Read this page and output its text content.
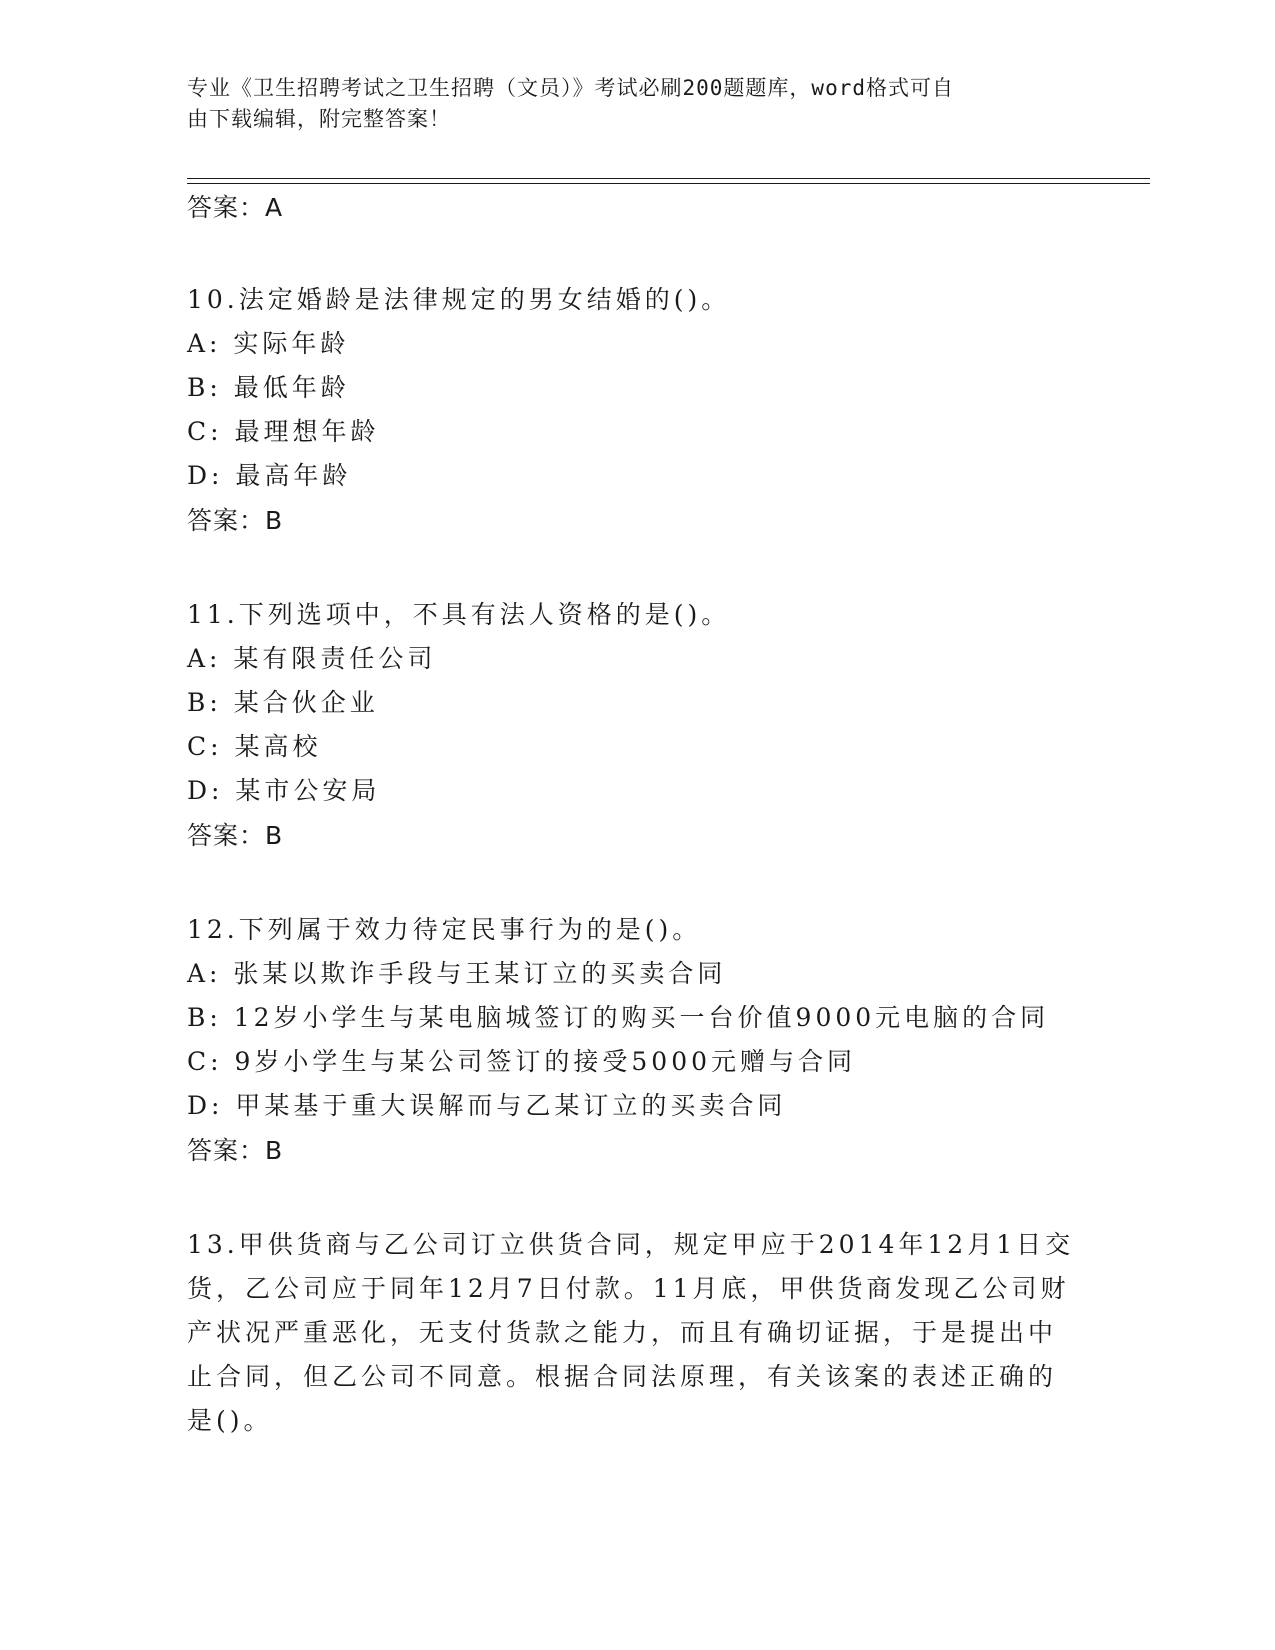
专业《卫生招聘考试之卫生招聘（文员）》考试必刷200题题库，word格式可自
由下载编辑，附完整答案！
答案：A
10.法定婚龄是法律规定的男女结婚的()。
A: 实际年龄
B: 最低年龄
C: 最理想年龄
D: 最高年龄
答案：B
11.下列选项中，不具有法人资格的是()。
A: 某有限责任公司
B: 某合伙企业
C: 某高校
D: 某市公安局
答案：B
12.下列属于效力待定民事行为的是()。
A: 张某以欺诈手段与王某订立的买卖合同
B: 12岁小学生与某电脑城签订的购买一台价值9000元电脑的合同
C: 9岁小学生与某公司签订的接受5000元赠与合同
D: 甲某基于重大误解而与乙某订立的买卖合同
答案：B
13.甲供货商与乙公司订立供货合同，规定甲应于2014年12月1日交
货，乙公司应于同年12月7日付款。11月底，甲供货商发现乙公司财
产状况严重恶化，无支付货款之能力，而且有确切证据，于是提出中
止合同，但乙公司不同意。根据合同法原理，有关该案的表述正确的
是()。
